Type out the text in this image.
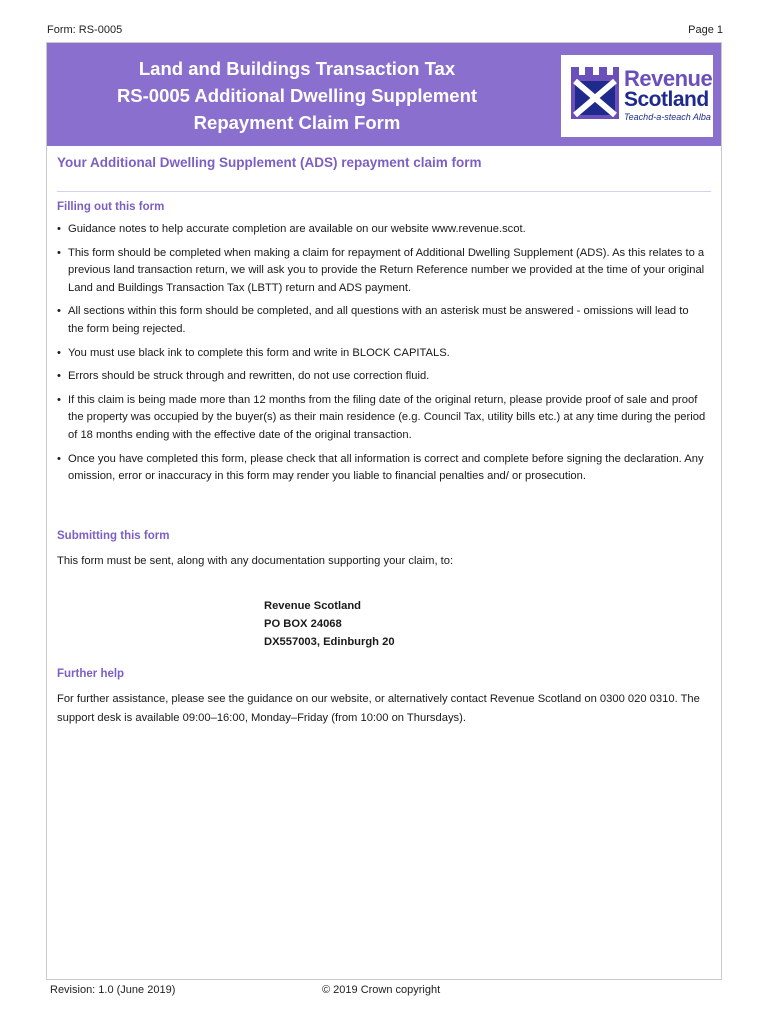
Form: RS-0005	Page 1
Land and Buildings Transaction Tax
RS-0005 Additional Dwelling Supplement
Repayment Claim Form
Revenue
Scotland
Teachd-a-steach Alba
Your Additional Dwelling Supplement (ADS) repayment claim form
Filling out this form
• Guidance notes to help accurate completion are available on our website www.revenue.scot.
• This form should be completed when making a claim for repayment of Additional Dwelling Supplement (ADS). As this relates to a previous land transaction return, we will ask you to provide the Return Reference number we provided at the time of your original Land and Buildings Transaction Tax (LBTT) return and ADS payment.
• All sections within this form should be completed, and all questions with an asterisk must be answered - omissions will lead to the form being rejected.
• You must use black ink to complete this form and write in BLOCK CAPITALS.
• Errors should be struck through and rewritten, do not use correction fluid.
• If this claim is being made more than 12 months from the filing date of the original return, please provide proof of sale and proof the property was occupied by the buyer(s) as their main residence (e.g. Council Tax, utility bills etc.) at any time during the period of 18 months ending with the effective date of the original transaction.
• Once you have completed this form, please check that all information is correct and complete before signing the declaration. Any omission, error or inaccuracy in this form may render you liable to financial penalties and/ or prosecution.
Submitting this form
This form must be sent, along with any documentation supporting your claim, to:
Revenue Scotland
PO BOX 24068
DX557003, Edinburgh 20
Further help
For further assistance, please see the guidance on our website, or alternatively contact Revenue Scotland on 0300 020 0310. The support desk is available 09:00–16:00, Monday–Friday (from 10:00 on Thursdays).
Revision: 1.0 (June 2019)	© 2019 Crown copyright
